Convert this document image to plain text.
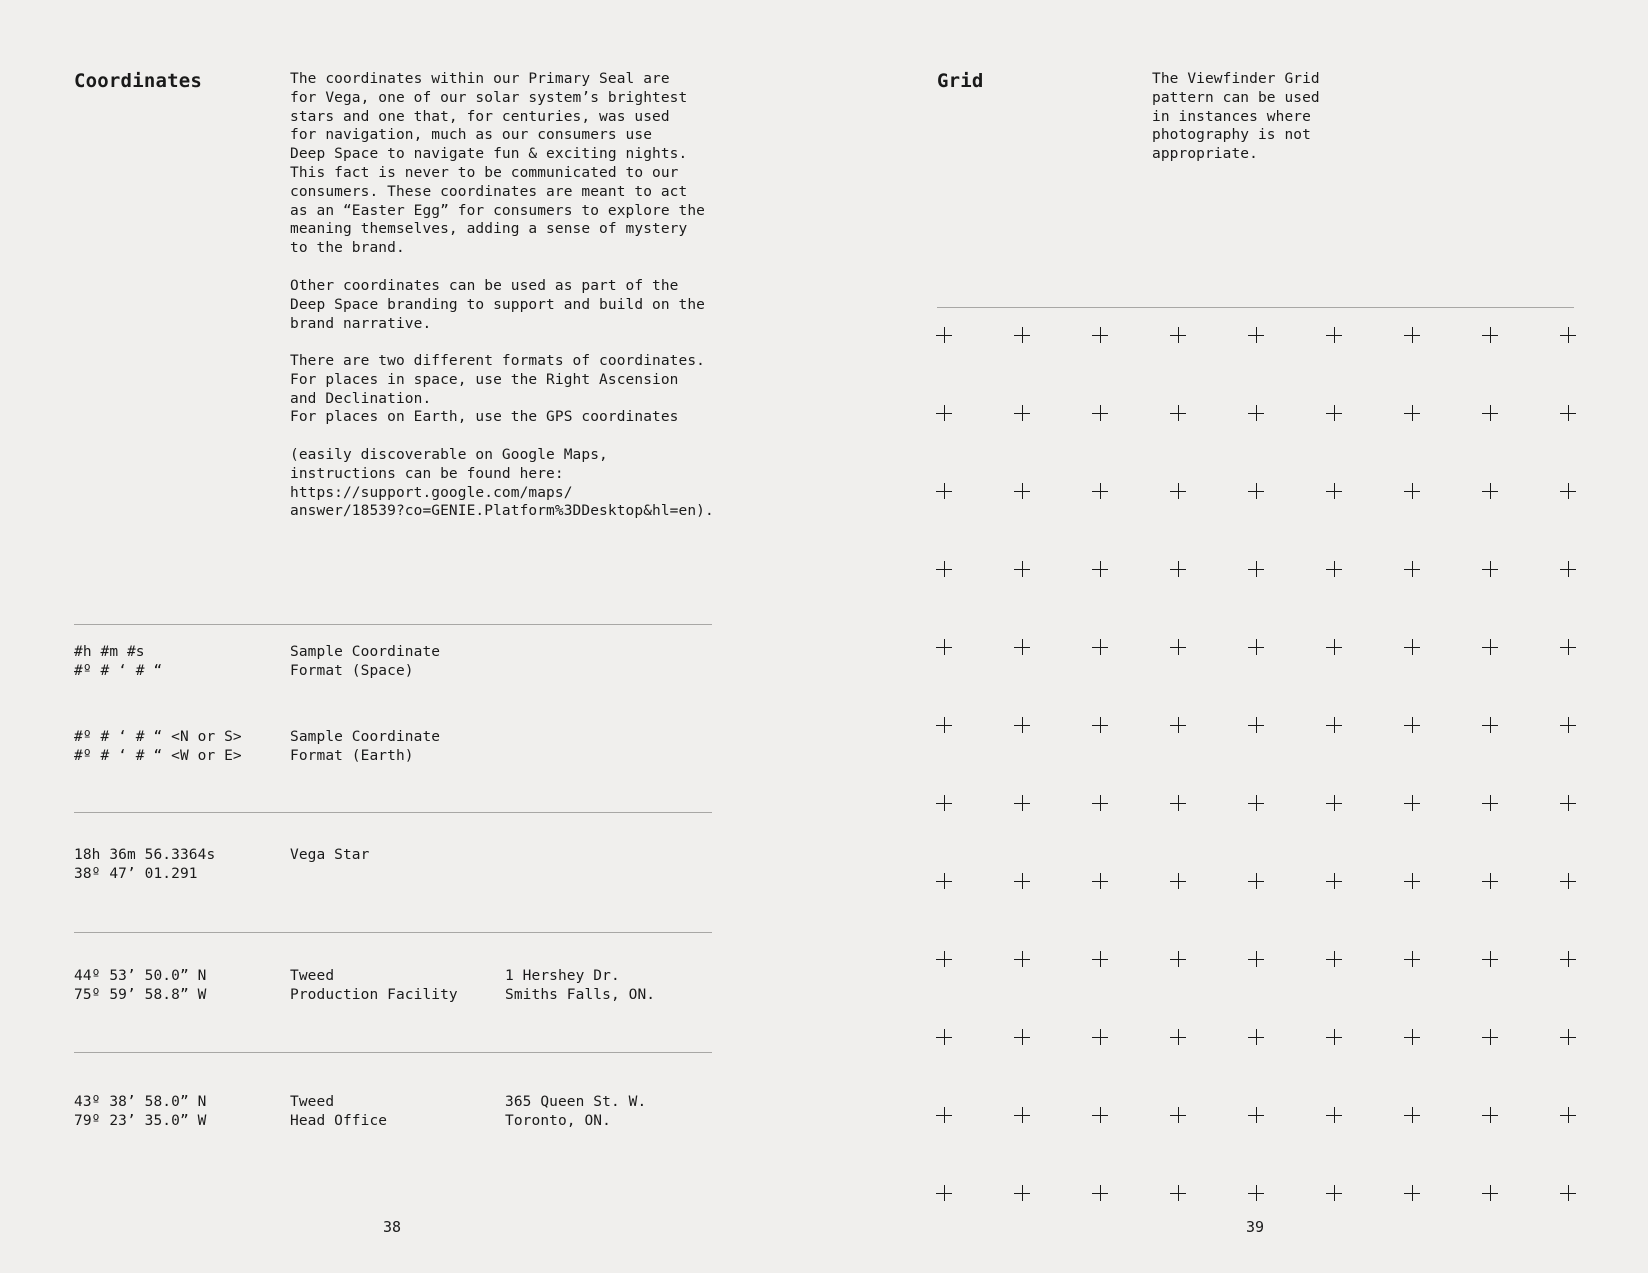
Coordinates	The coordinates within our Primary Seal are
for Vega, one of our solar system’s brightest
stars and one that, for centuries, was used
for navigation, much as our consumers use
Deep Space to navigate fun & exciting nights.
This fact is never to be communicated to our
consumers. These coordinates are meant to act
as an “Easter Egg” for consumers to explore the
meaning themselves, adding a sense of mystery
to the brand.
Other coordinates can be used as part of the
Deep Space branding to support and build on the
brand narrative.
There are two different formats of coordinates.
For places in space, use the Right Ascension
and Declination.
For places on Earth, use the GPS coordinates
(easily discoverable on Google Maps,
instructions can be found here:
https://support.google.com/maps/
answer/18539?co=GENIE.Platform%3DDesktop&hl=en).
#h #m #s
#º # ‘ # “
Sample Coordinate
Format (Space)
#º # ‘ # “ <N or S>
#º # ‘ # “ <W or E>
Sample Coordinate
Format (Earth)
18h 36m 56.3364s
38º 47’ 01.291
Vega Star
44º 53’ 50.0” N
75º 59’ 58.8” W
Tweed
Production Facility
1 Hershey Dr.
Smiths Falls, ON.
43º 38’ 58.0” N
79º 23’ 35.0” W
Tweed
Head Office
365 Queen St. W.
Toronto, ON.
38
Grid	The Viewfinder Grid
pattern can be used
in instances where
photography is not
appropriate.
39
